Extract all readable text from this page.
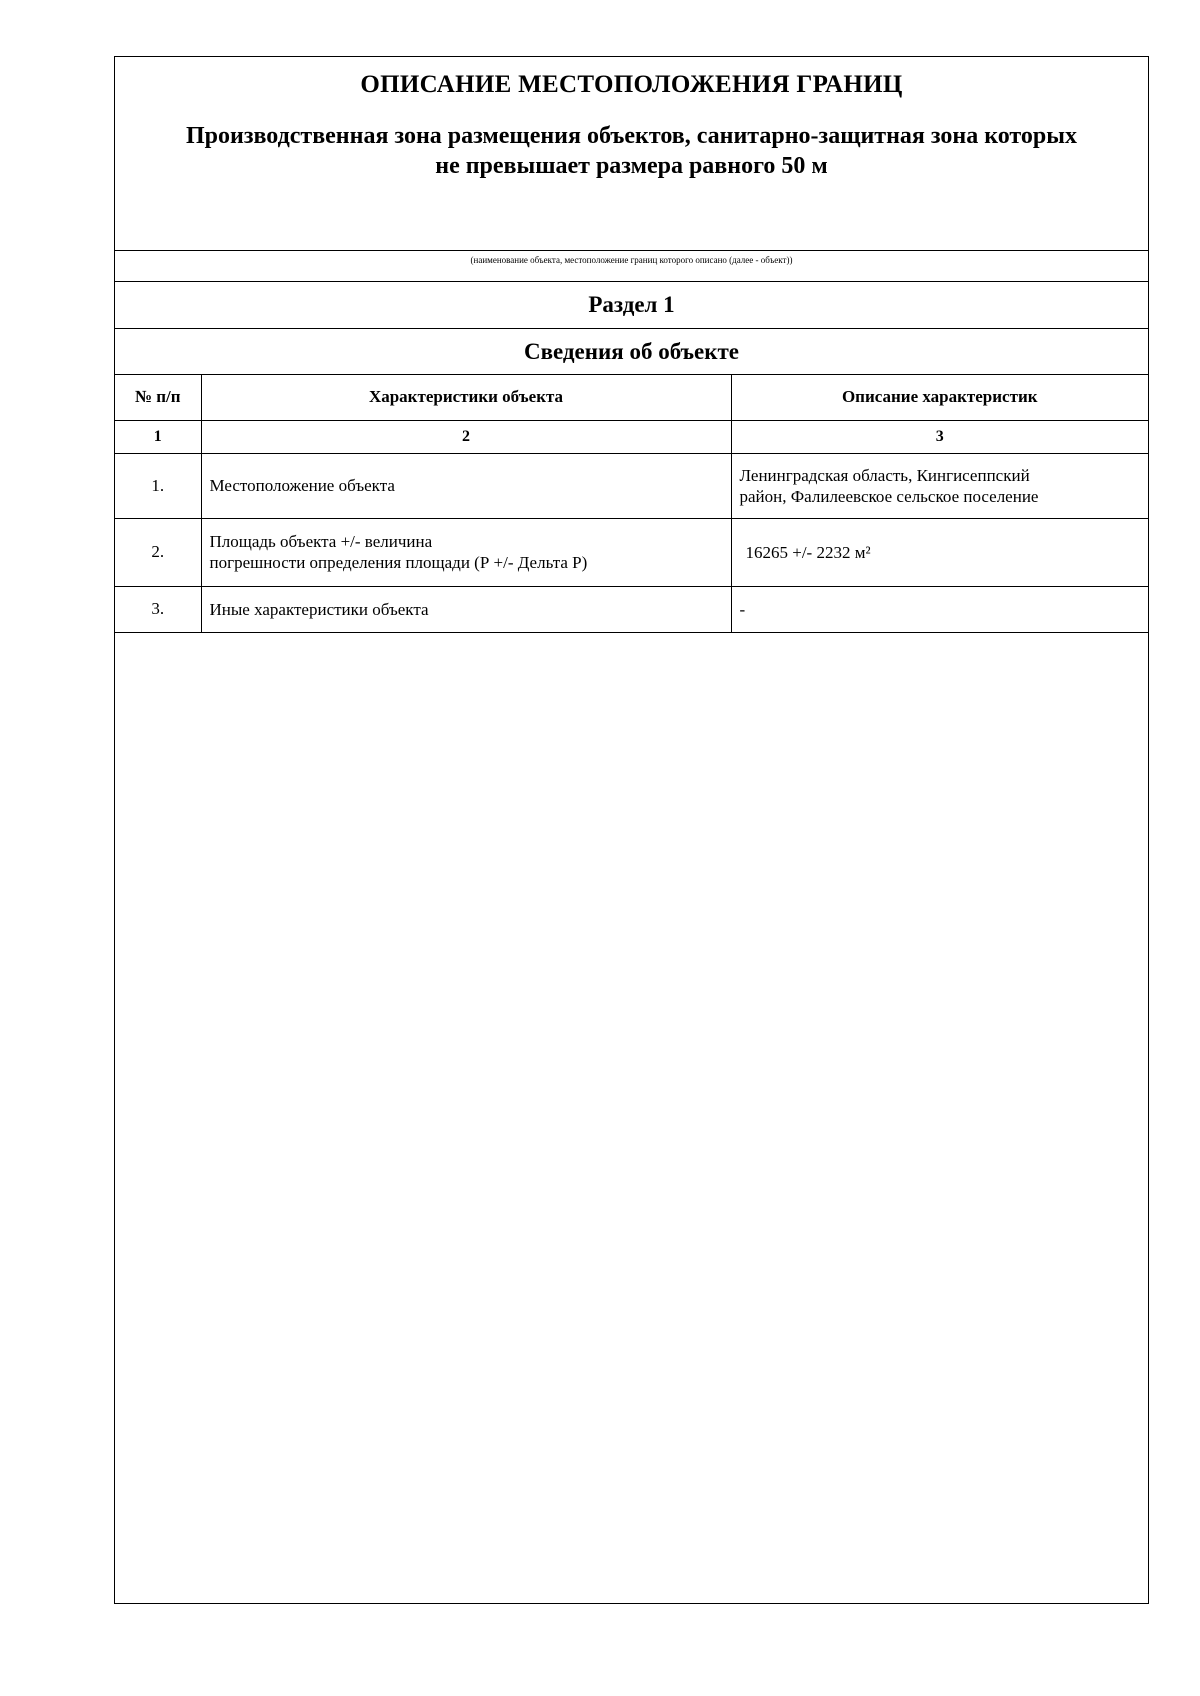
ОПИСАНИЕ МЕСТОПОЛОЖЕНИЯ ГРАНИЦ
Производственная зона размещения объектов, санитарно-защитная зона которых
не превышает размера равного 50 м
(наименование объекта, местоположение границ которого описано (далее - объект))
Раздел 1
Сведения об объекте
№ п/п	Характеристики объекта	Описание характеристик
1	2	3
1.	Местоположение объекта	Ленинградская область, Кингисеппский
район, Фалилеевское сельское поселение

2.	Площадь объекта +/- величина
погрешности определения площади (Р +/- Дельта Р)	16265 +/- 2232 м²
3.	Иные характеристики объекта	-
